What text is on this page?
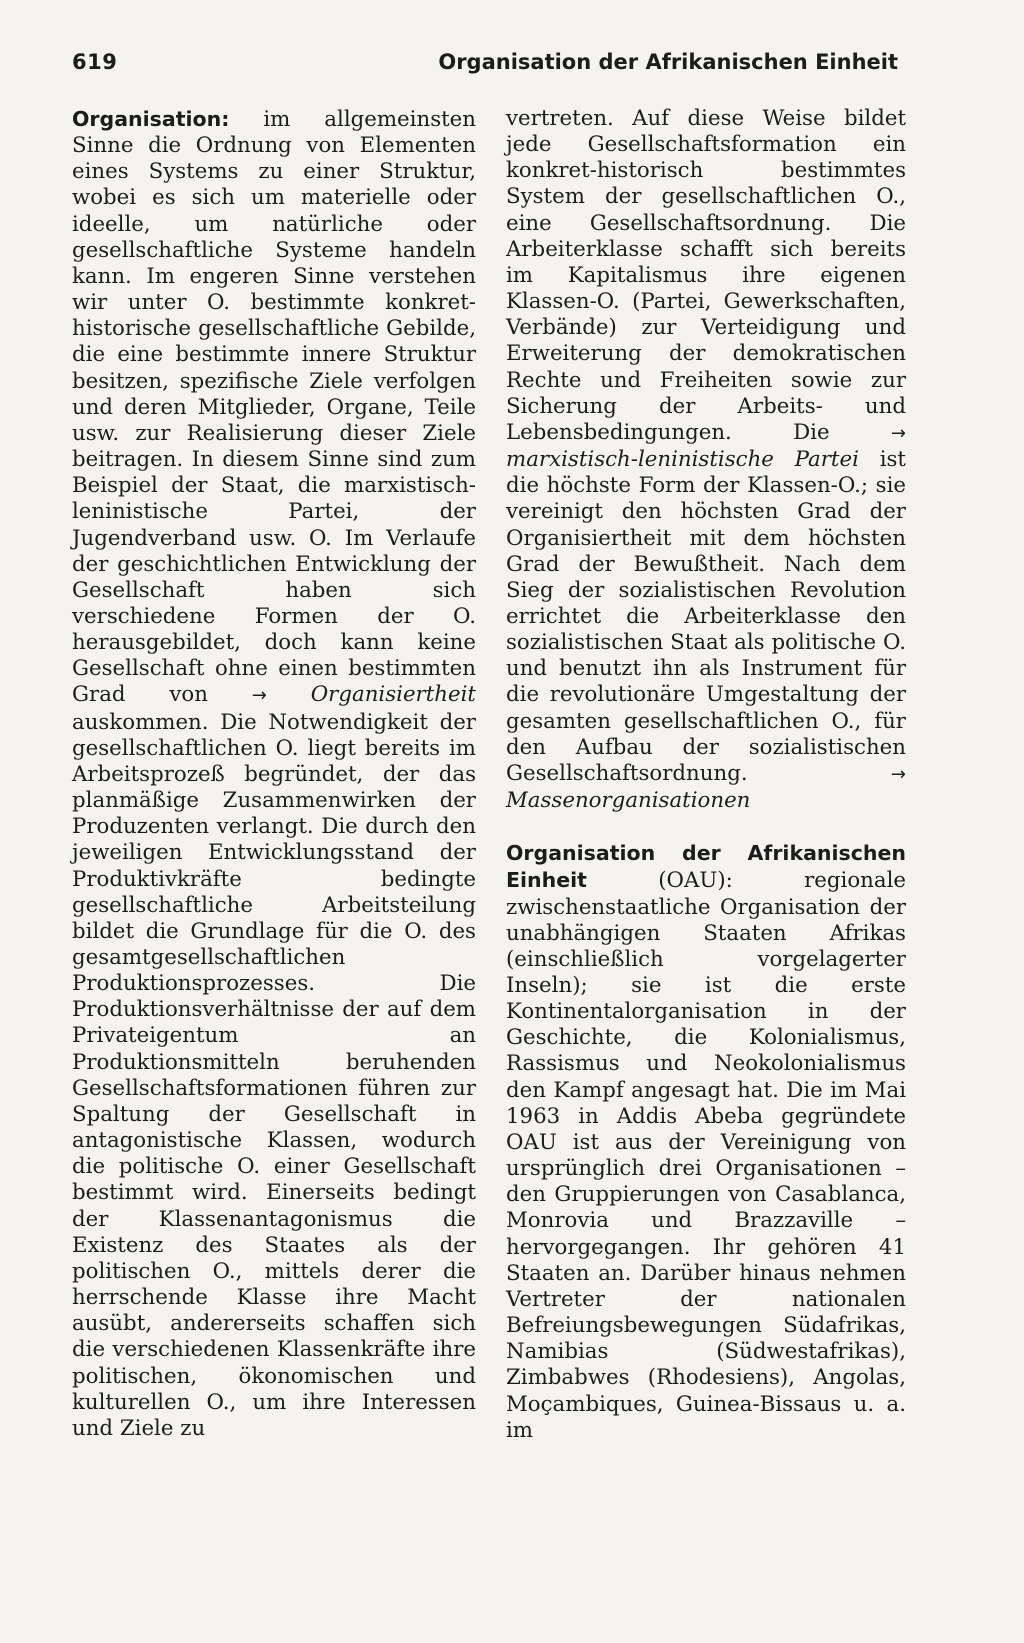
619	Organisation der Afrikanischen Einheit

Organisation: im allgemeinsten Sinne die Ordnung von Elementen eines Systems zu einer Struktur, wobei es sich um materielle oder ideelle, um natürliche oder gesellschaftliche Systeme handeln kann. Im engeren Sinne verstehen wir unter O. bestimmte konkret-historische gesellschaftliche Gebilde, die eine bestimmte innere Struktur besitzen, spezifische Ziele verfolgen und deren Mitglieder, Organe, Teile usw. zur Realisierung dieser Ziele beitragen. In diesem Sinne sind zum Beispiel der Staat, die marxistisch-leninistische Partei, der Jugendverband usw. O. Im Verlaufe der geschichtlichen Entwicklung der Gesellschaft haben sich verschiedene Formen der O. herausgebildet, doch kann keine Gesellschaft ohne einen bestimmten Grad von → Organisiertheit auskommen. Die Notwendigkeit der gesellschaftlichen O. liegt bereits im Arbeitsprozeß begründet, der das planmäßige Zusammenwirken der Produzenten verlangt. Die durch den jeweiligen Entwicklungsstand der Produktivkräfte bedingte gesellschaftliche Arbeitsteilung bildet die Grundlage für die O. des gesamtgesellschaftlichen Produktionsprozesses. Die Produktionsverhältnisse der auf dem Privateigentum an Produktionsmitteln beruhenden Gesellschaftsformationen führen zur Spaltung der Gesellschaft in antagonistische Klassen, wodurch die politische O. einer Gesellschaft bestimmt wird. Einerseits bedingt der Klassenantagonismus die Existenz des Staates als der politischen O., mittels derer die herrschende Klasse ihre Macht ausübt, andererseits schaffen sich die verschiedenen Klassenkräfte ihre politischen, ökonomischen und kulturellen O., um ihre Interessen und Ziele zu

vertreten. Auf diese Weise bildet jede Gesellschaftsformation ein konkret-historisch bestimmtes System der gesellschaftlichen O., eine Gesellschaftsordnung. Die Arbeiterklasse schafft sich bereits im Kapitalismus ihre eigenen Klassen-O. (Partei, Gewerkschaften, Verbände) zur Verteidigung und Erweiterung der demokratischen Rechte und Freiheiten sowie zur Sicherung der Arbeits- und Lebensbedingungen. Die	→ marxistisch-leninistische Partei ist die höchste Form der Klassen-O.; sie vereinigt den höchsten Grad der Organisiertheit mit dem höchsten Grad der Bewußtheit. Nach dem Sieg der sozialistischen Revolution errichtet die Arbeiterklasse den sozialistischen Staat als politische O. und benutzt ihn als Instrument für die revolutionäre Umgestaltung der gesamten gesellschaftlichen O., für den Aufbau der sozialistischen Gesellschaftsordnung.	→ Massenorganisationen

Organisation der Afrikanischen Einheit	(OAU): regionale zwischenstaatliche Organisation der unabhängigen Staaten Afrikas (einschließlich vorgelagerter Inseln); sie ist die erste Kontinentalorganisation in der Geschichte, die Kolonialismus, Rassismus und Neokolonialismus den Kampf angesagt hat. Die im Mai 1963 in Addis Abeba gegründete OAU ist aus der Vereinigung von ursprünglich drei Organisationen – den Gruppierungen von Casablanca, Monrovia und Brazzaville – hervorgegangen. Ihr gehören 41 Staaten an. Darüber hinaus nehmen Vertreter der nationalen Befreiungsbewegungen Südafrikas, Namibias (Südwestafrikas), Zimbabwes (Rhodesiens), Angolas, Moçambiques, Guinea-Bissaus u. a. im
